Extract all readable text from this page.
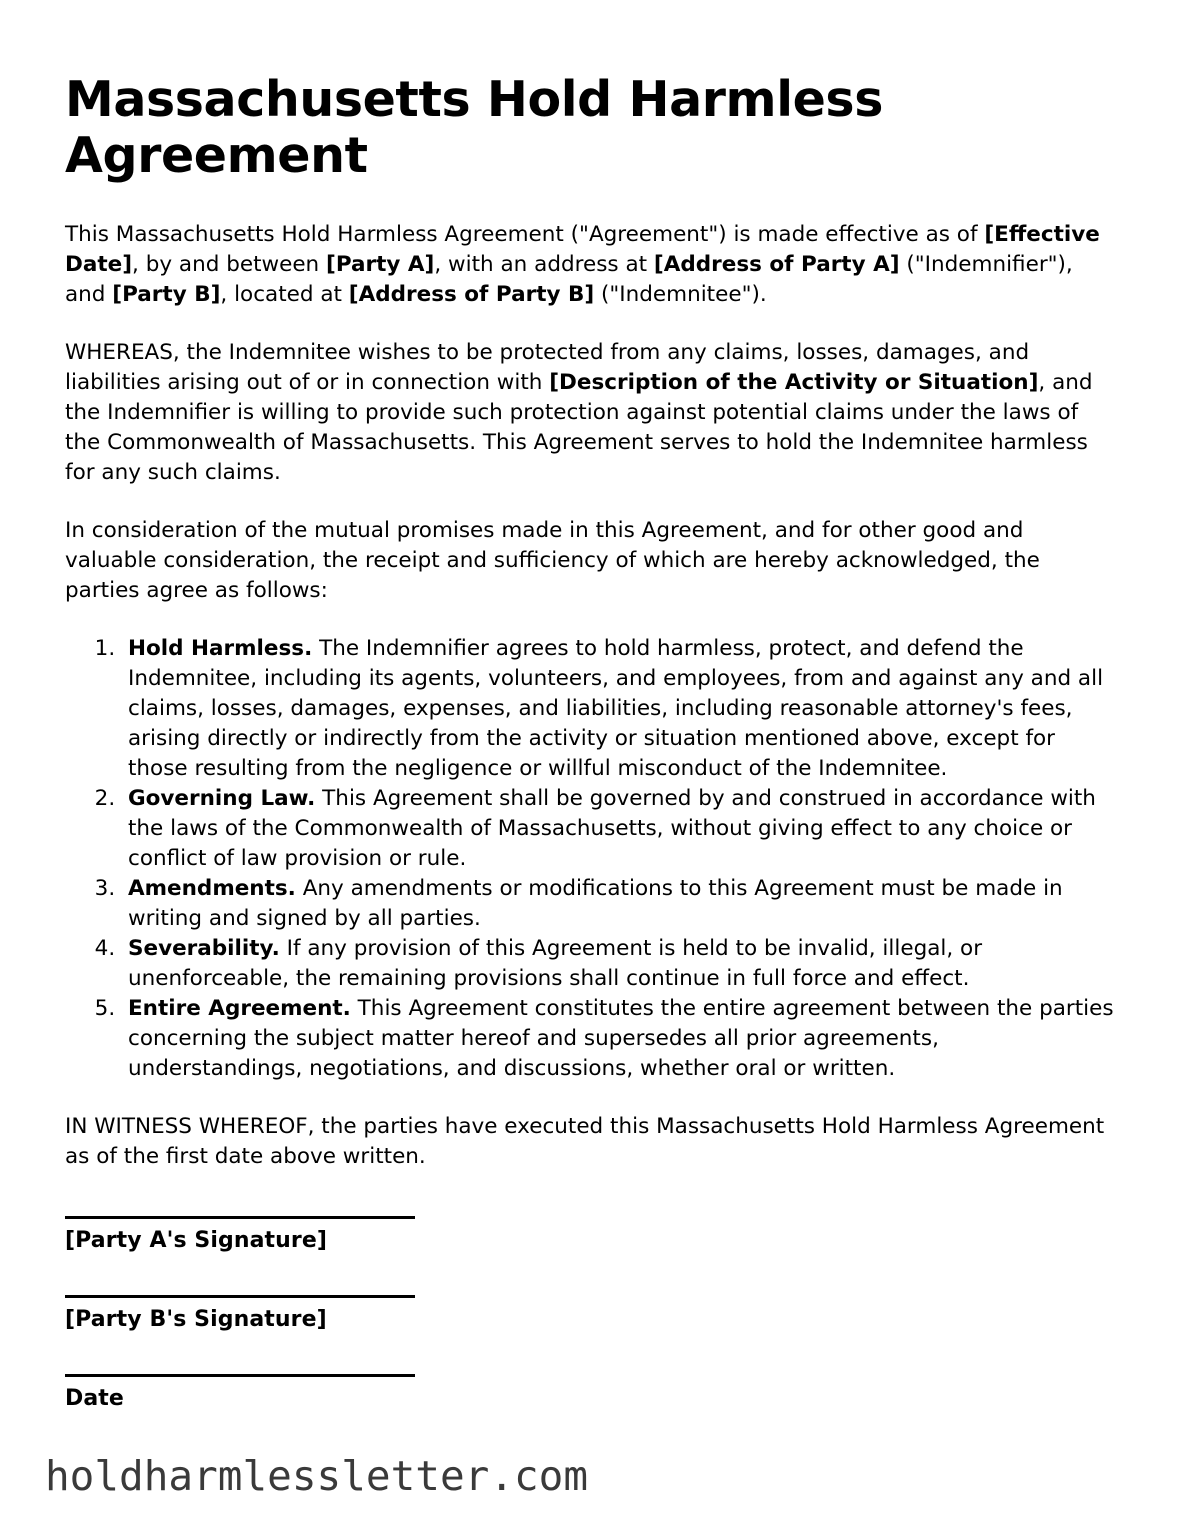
Massachusetts Hold Harmless Agreement

This Massachusetts Hold Harmless Agreement ("Agreement") is made effective as of [Effective Date], by and between [Party A], with an address at [Address of Party A] ("Indemnifier"), and [Party B], located at [Address of Party B] ("Indemnitee").

WHEREAS, the Indemnitee wishes to be protected from any claims, losses, damages, and liabilities arising out of or in connection with [Description of the Activity or Situation], and the Indemnifier is willing to provide such protection against potential claims under the laws of the Commonwealth of Massachusetts. This Agreement serves to hold the Indemnitee harmless for any such claims.

In consideration of the mutual promises made in this Agreement, and for other good and valuable consideration, the receipt and sufficiency of which are hereby acknowledged, the parties agree as follows:

1. Hold Harmless. The Indemnifier agrees to hold harmless, protect, and defend the Indemnitee, including its agents, volunteers, and employees, from and against any and all claims, losses, damages, expenses, and liabilities, including reasonable attorney's fees, arising directly or indirectly from the activity or situation mentioned above, except for those resulting from the negligence or willful misconduct of the Indemnitee.
2. Governing Law. This Agreement shall be governed by and construed in accordance with the laws of the Commonwealth of Massachusetts, without giving effect to any choice or conflict of law provision or rule.
3. Amendments. Any amendments or modifications to this Agreement must be made in writing and signed by all parties.
4. Severability. If any provision of this Agreement is held to be invalid, illegal, or unenforceable, the remaining provisions shall continue in full force and effect.
5. Entire Agreement. This Agreement constitutes the entire agreement between the parties concerning the subject matter hereof and supersedes all prior agreements, understandings, negotiations, and discussions, whether oral or written.

IN WITNESS WHEREOF, the parties have executed this Massachusetts Hold Harmless Agreement as of the first date above written.

[Party A's Signature]
[Party B's Signature]
Date
holdharmlessletter.com
